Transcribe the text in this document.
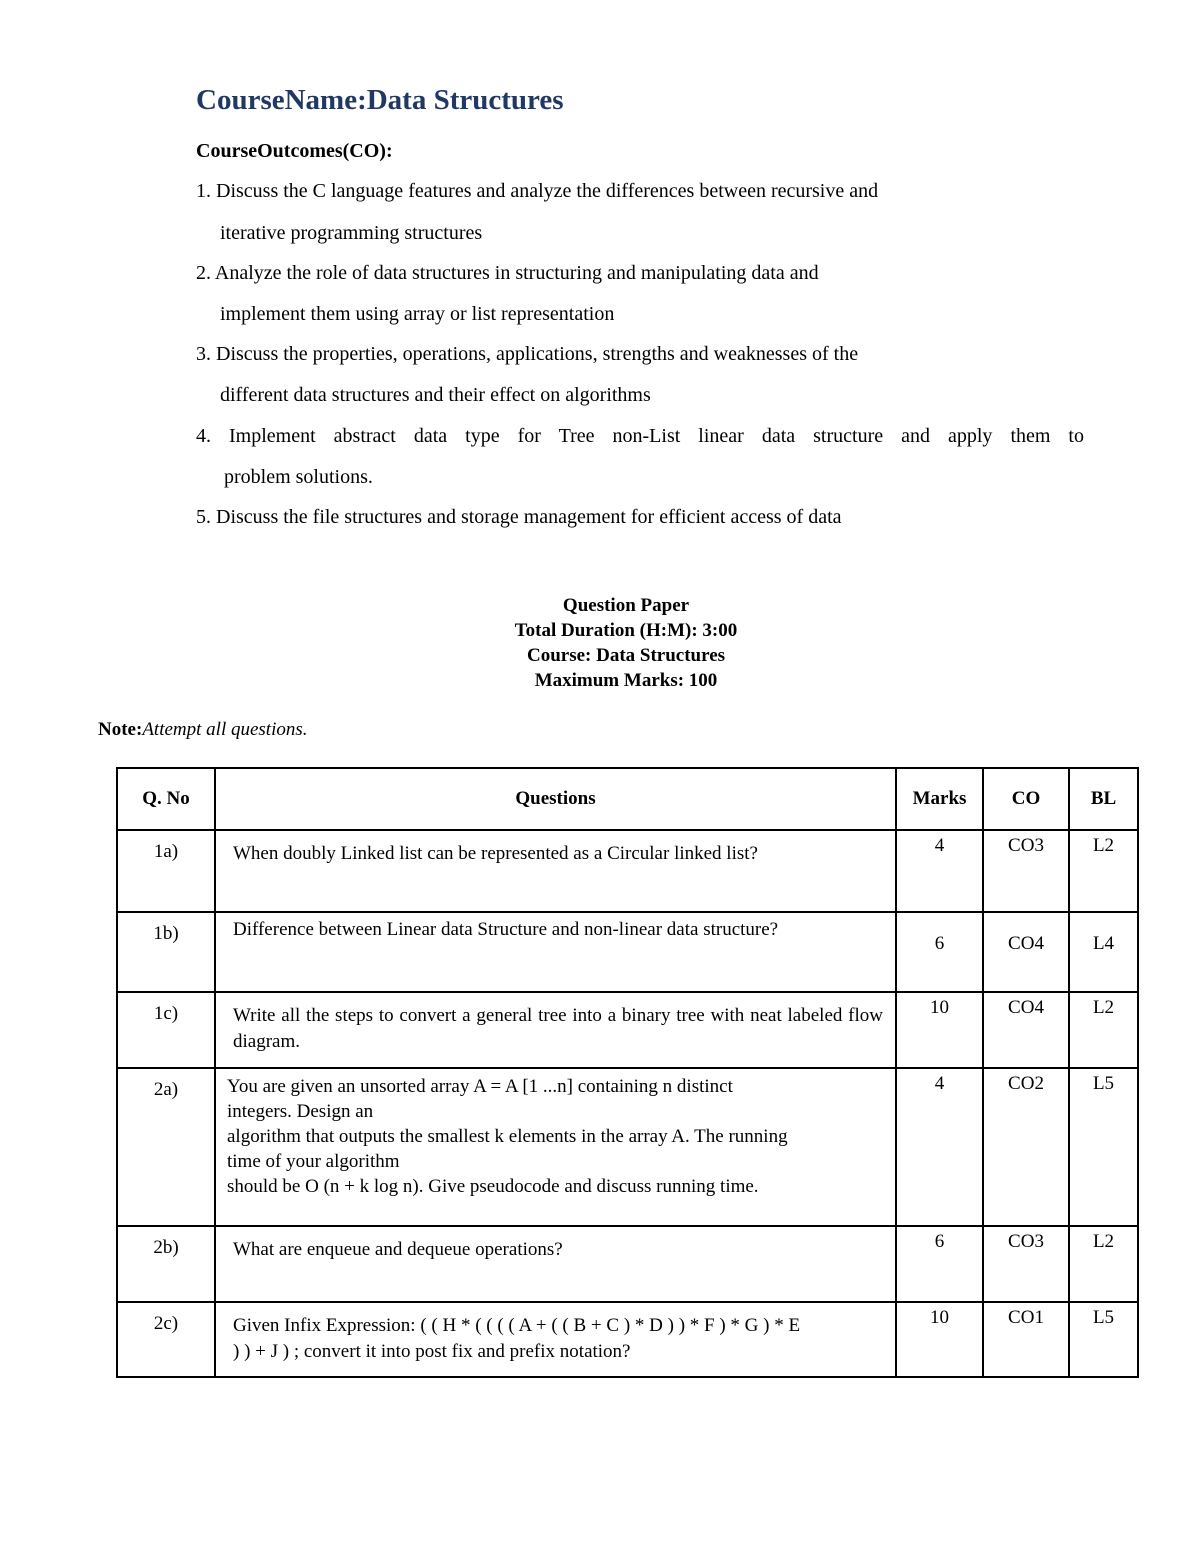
CourseName:Data Structures
CourseOutcomes(CO):
1. Discuss the C language features and analyze the differences between recursive and
iterative programming structures
2. Analyze the role of data structures in structuring and manipulating data and
implement them using array or list representation
3. Discuss the properties, operations, applications, strengths and weaknesses of the
different data structures and their effect on algorithms
4. Implement abstract data type for Tree non-List linear data structure and apply them to
problem solutions.
5. Discuss the file structures and storage management for efficient access of data
Question Paper
Total Duration (H:M): 3:00
Course: Data Structures
Maximum Marks: 100
Note:Attempt all questions.
Q. No	Questions	Marks	CO	BL
1a)	When doubly Linked list can be represented as a Circular linked list?	4	CO3	L2
1b)	Difference between Linear data Structure and non-linear data structure?	6	CO4	L4
1c)	Write all the steps to convert a general tree into a binary tree with neat labeled flow diagram.	10	CO4	L2
2a)	You are given an unsorted array A = A [1 ...n] containing n distinct
integers. Design an
algorithm that outputs the smallest k elements in the array A. The running
time of your algorithm
should be O (n + k log n). Give pseudocode and discuss running time.	4	CO2	L5
2b)	What are enqueue and dequeue operations?	6	CO3	L2
2c)	Given Infix Expression: ( ( H * ( ( ( ( A + ( ( B + C ) * D ) ) * F ) * G ) * E
) ) + J ) ; convert it into post fix and prefix notation?	10	CO1	L5
